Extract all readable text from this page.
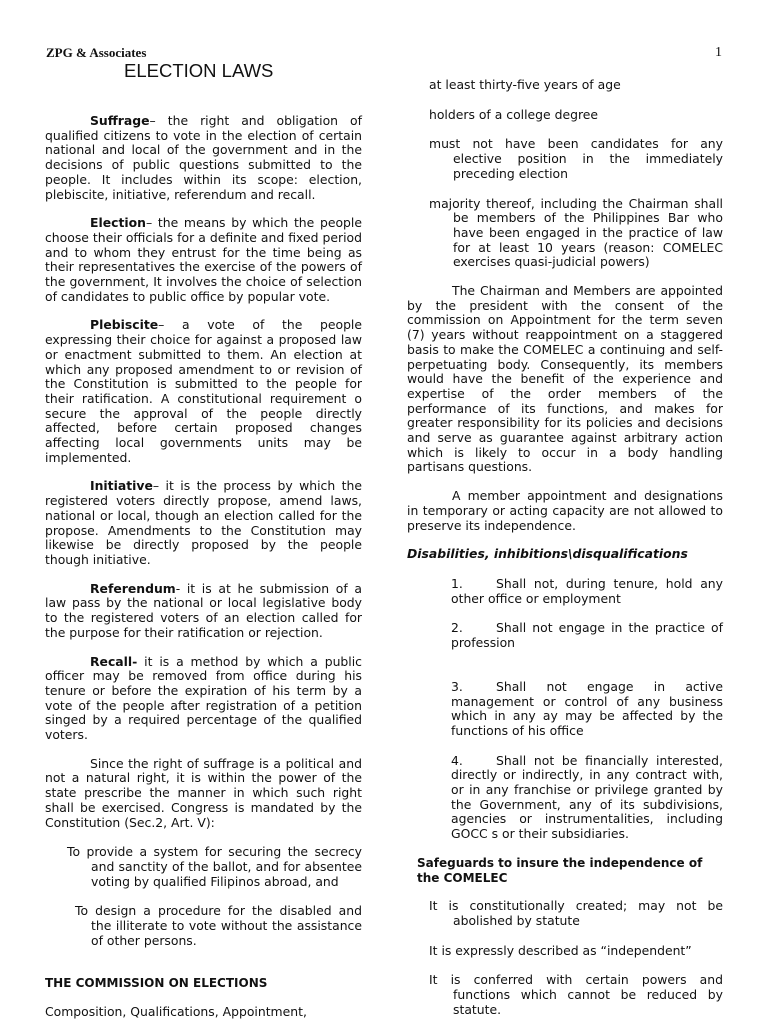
ZPG & Associates	1
ELECTION LAWS

Suffrage– the right and obligation of qualified citizens to vote in the election of certain national and local of the government and in the decisions of public questions submitted to the people. It includes within its scope: election, plebiscite, initiative, referendum and recall.

Election– the means by which the people choose their officials for a definite and fixed period and to whom they entrust for the time being as their representatives the exercise of the powers of the government, It involves the choice of selection of candidates to public office by popular vote.

Plebiscite– a vote of the people expressing their choice for against a proposed law or enactment submitted to them. An election at which any proposed amendment to or revision of the Constitution is submitted to the people for their ratification. A constitutional requirement o secure the approval of the people directly affected, before certain proposed changes affecting local governments units may be implemented.

Initiative– it is the process by which the registered voters directly propose, amend laws, national or local, though an election called for the propose. Amendments to the Constitution may likewise be directly proposed by the people though initiative.

Referendum- it is at he submission of a law pass by the national or local legislative body to the registered voters of an election called for the purpose for their ratification or rejection.

Recall- it is a method by which a public officer may be removed from office during his tenure or before the expiration of his term by a vote of the people after registration of a petition singed by a required percentage of the qualified voters.

Since the right of suffrage is a political and not a natural right, it is within the power of the state prescribe the manner in which such right shall be exercised. Congress is mandated by the Constitution (Sec.2, Art. V):

To provide a system for securing the secrecy and sanctity of the ballot, and for absentee voting by qualified Filipinos abroad, and

To design a procedure for the disabled and the illiterate to vote without the assistance of other persons.

THE COMMISSION ON ELECTIONS

Composition, Qualifications, Appointment,

at least thirty-five years of age

holders of a college degree

must not have been candidates for any elective position in the immediately preceding election

majority thereof, including the Chairman shall be members of the Philippines Bar who have been engaged in the practice of law for at least 10 years (reason: COMELEC exercises quasi-judicial powers)

The Chairman and Members are appointed by the president with the consent of the commission on Appointment for the term seven (7) years without reappointment on a staggered basis to make the COMELEC a continuing and self-perpetuating body. Consequently, its members would have the benefit of the experience and expertise of the order members of the performance of its functions, and makes for greater responsibility for its policies and decisions and serve as guarantee against arbitrary action which is likely to occur in a body handling partisans questions.

A member appointment and designations in temporary or acting capacity are not allowed to preserve its independence.

Disabilities, inhibitions\disqualifications

1.	Shall not, during tenure, hold any other office or employment

2.	Shall not engage in the practice of profession

3.	Shall not engage in active management or control of any business which in any ay may be affected by the functions of his office

4.	Shall not be financially interested, directly or indirectly, in any contract with, or in any franchise or privilege granted by the Government, any of its subdivisions, agencies or instrumentalities, including GOCC s or their subsidiaries.

Safeguards to insure the independence of the COMELEC

It is constitutionally created; may not be abolished by statute

It is expressly described as “independent”

It is conferred with certain powers and functions which cannot be reduced by statute.
